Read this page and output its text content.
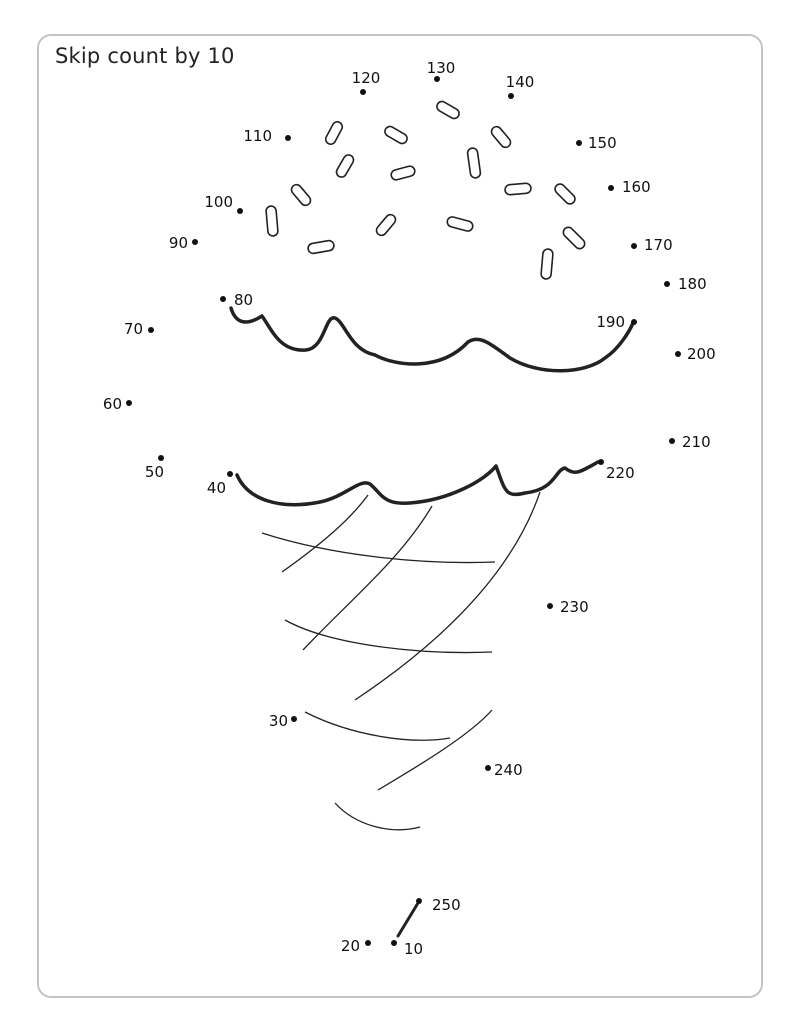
Skip count by 10
10
20
30
40
50
60
70
80
90
100
110
120
130
140
150
160
170
180
190
200
210
220
230
240
250
